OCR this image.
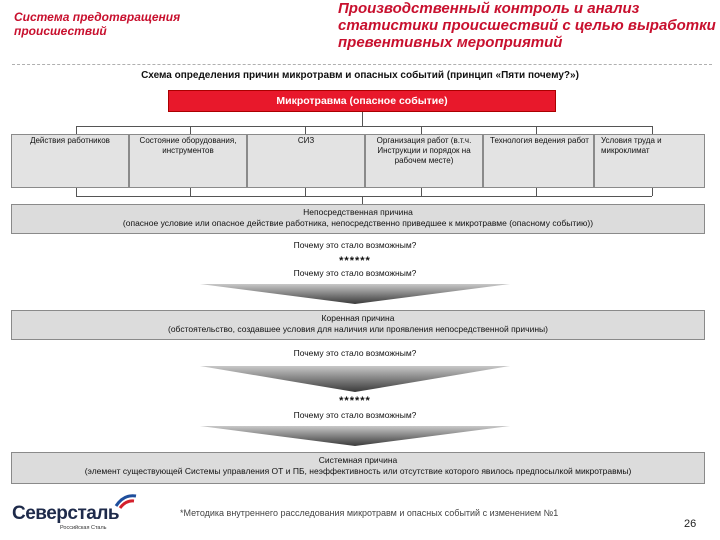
Система предотвращения происшествий
Производственный контроль и анализ статистики происшествий с целью выработки превентивных мероприятий
Схема определения причин микротравм и опасных событий (принцип «Пяти почему?»)
Микротравма (опасное событие)
Действия работников	Состояние оборудования, инструментов
СИЗ	Организация работ (в.т.ч. Инструкции и порядок на рабочем месте)
Технология ведения работ	Условия труда и микроклимат
Непосредственная причина
(опасное условие или опасное действие работника, непосредственно приведшее к микротравме (опасному событию))
Почему это стало возможным?
******
Почему это стало возможным?
Коренная причина
(обстоятельство, создавшее условия для наличия или проявления непосредственной причины)
Почему это стало возможным?
******
Почему это стало возможным?
Системная причина
(элемент существующей Системы управления ОТ и ПБ, неэффективность или отсутствие которого явилось предпосылкой микротравмы)
Северсталь
Российская Сталь
*Методика внутреннего расследования микротравм и опасных событий с изменением №1
26
